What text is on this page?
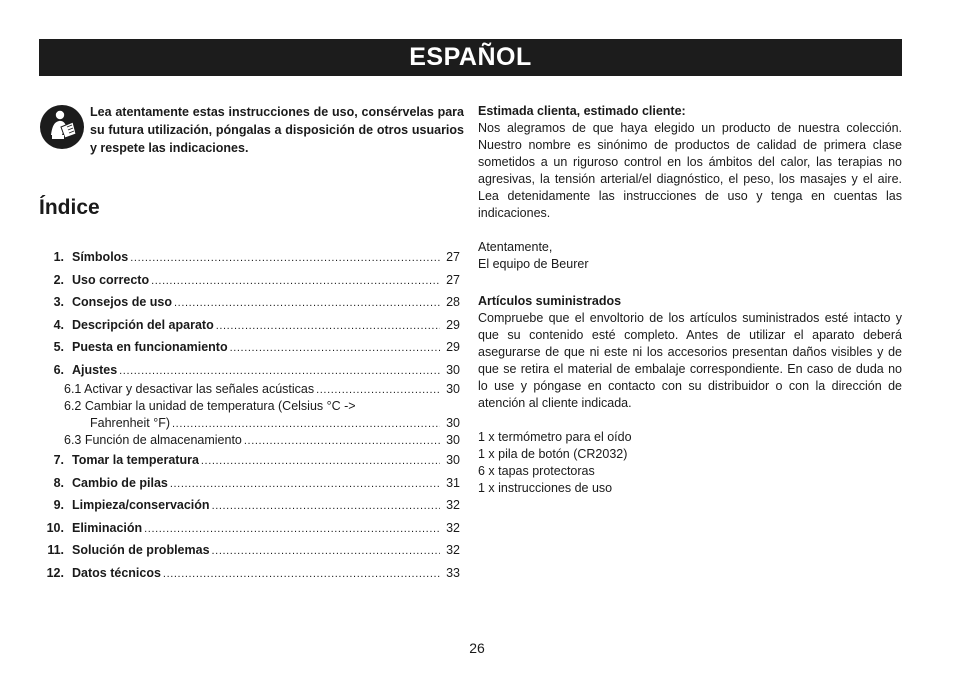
ESPAÑOL
Lea atentamente estas instrucciones de uso, consérvelas para su futura utilización, póngalas a disposición de otros usuarios y respete las indicaciones.
Índice
1. Símbolos .....	27
2. Uso correcto .....	27
3. Consejos de uso .....	28
4. Descripción del aparato .....	29
5. Puesta en funcionamiento .....	29
6. Ajustes .....	30
6.1 Activar y desactivar las señales acústicas .....	30
6.2 Cambiar la unidad de temperatura (Celsius °C ->
Fahrenheit °F) .....	30
6.3 Función de almacenamiento .....	30
7. Tomar la temperatura .....	30
8. Cambio de pilas .....	31
9. Limpieza/conservación .....	32
10. Eliminación .....	32
11. Solución de problemas .....	32
12. Datos técnicos .....	33

Estimada clienta, estimado cliente:

Nos alegramos de que haya elegido un producto de nuestra colección. Nuestro nombre es sinónimo de productos de calidad de primera clase sometidos a un riguroso control en los ámbitos del calor, las terapias no agresivas, la tensión arterial/el diagnóstico, el peso, los masajes y el aire. Lea detenidamente las instrucciones de uso y tenga en cuentas las indicaciones.

Atentamente,

El equipo de Beurer

Artículos suministrados

Compruebe que el envoltorio de los artículos suministrados esté intacto y que su contenido esté completo. Antes de utilizar el aparato deberá asegurarse de que ni este ni los accesorios presentan daños visibles y de que se retira el material de embalaje correspondiente. En caso de duda no lo use y póngase en contacto con su distribuidor o con la dirección de atención al cliente indicada.

1 x termómetro para el oído

1 x pila de botón (CR2032)

6 x tapas protectoras

1 x instrucciones de uso

26
